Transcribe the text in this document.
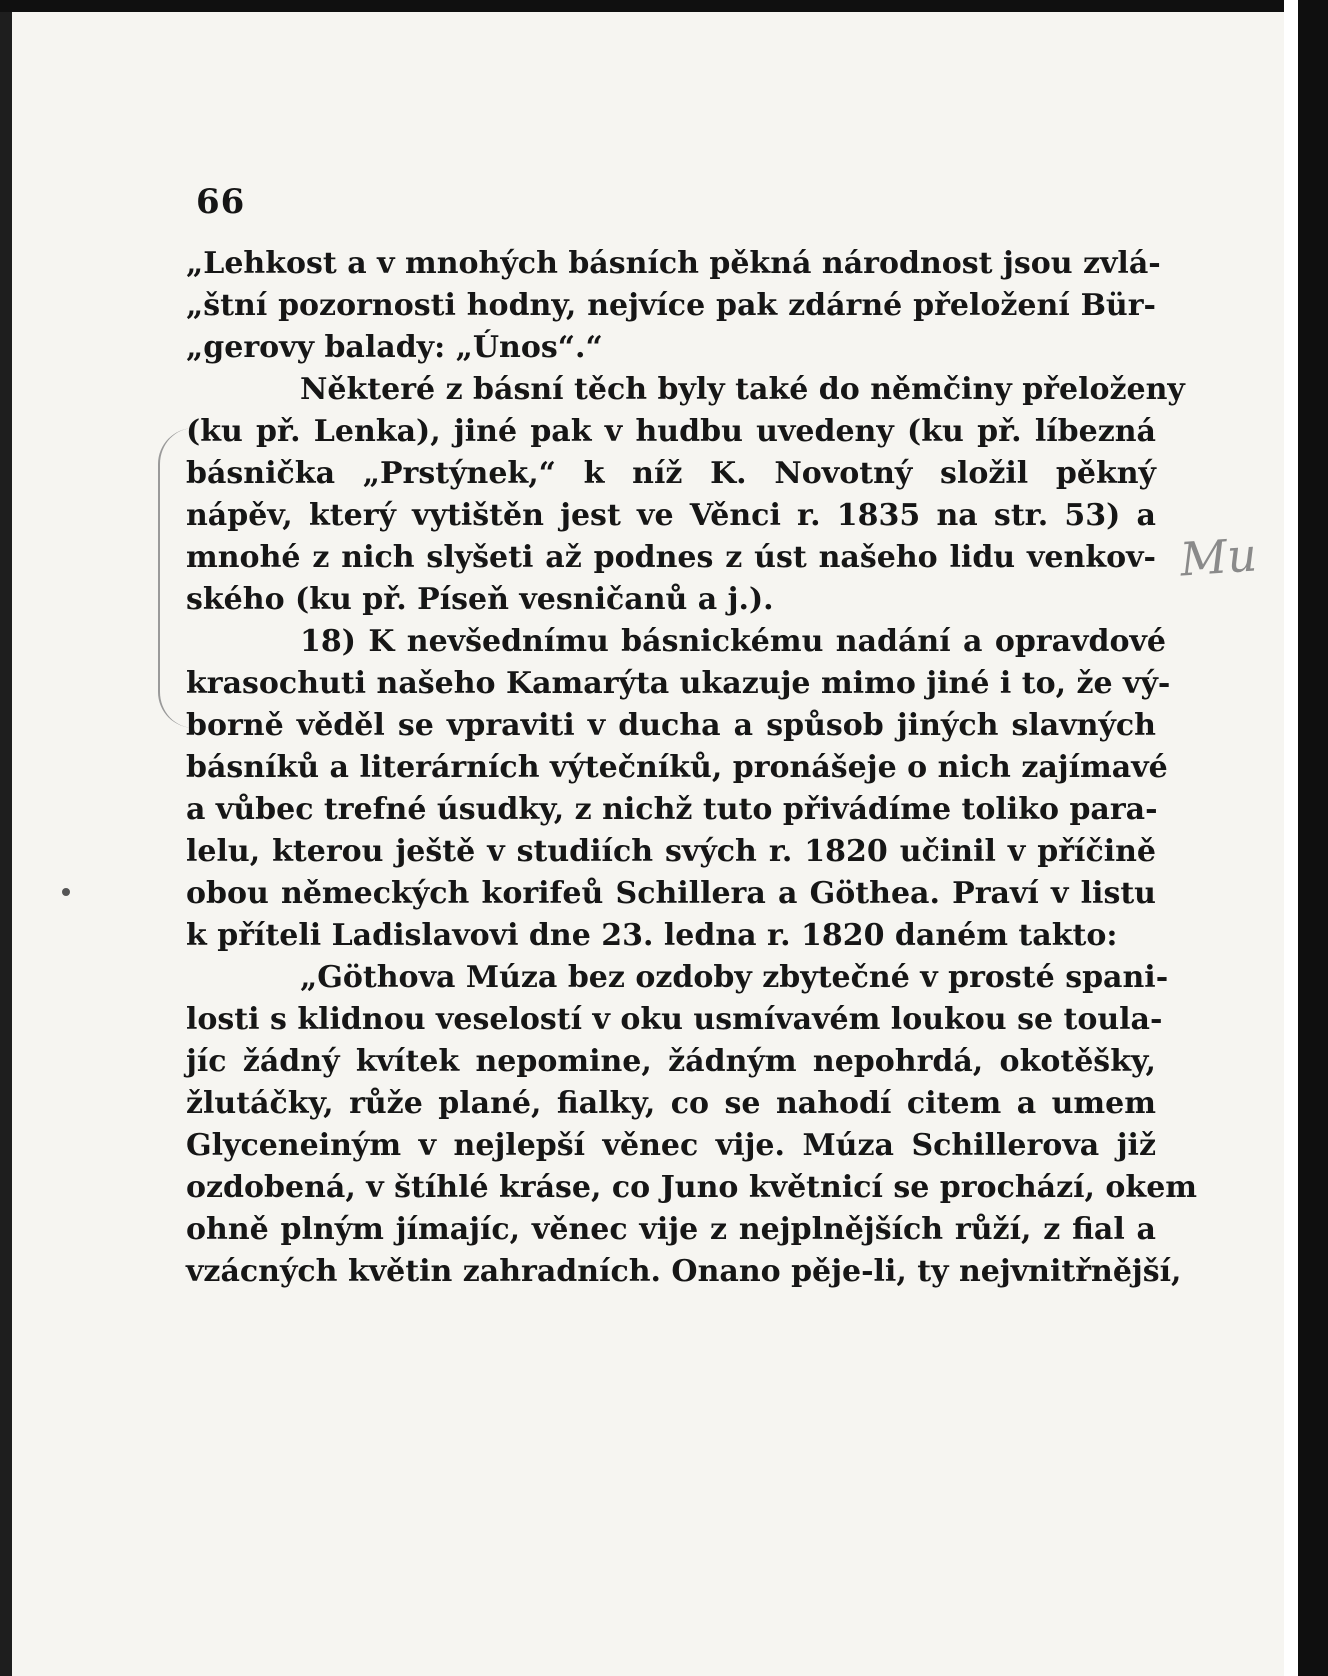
Mu
66
„Lehkost a v mnohých básních pěkná národnost jsou zvlá-
„štní pozornosti hodny, nejvíce pak zdárné přeložení Bür-
„gerovy balady: „Únos“.“
Některé z básní těch byly také do němčiny přeloženy
(ku př. Lenka), jiné pak v hudbu uvedeny (ku př. líbezná
básnička „Prstýnek,“ k níž K. Novotný složil pěkný
nápěv, který vytištěn jest ve Věnci r. 1835 na str. 53) a
mnohé z nich slyšeti až podnes z úst našeho lidu venkov-
ského (ku př. Píseň vesničanů a j.).
18) K nevšednímu básnickému nadání a opravdové
krasochuti našeho Kamarýta ukazuje mimo jiné i to, že vý-
borně věděl se vpraviti v ducha a spůsob jiných slavných
básníků a literárních výtečníků, pronášeje o nich zajímavé
a vůbec trefné úsudky, z nichž tuto přivádíme toliko para-
lelu, kterou ještě v studiích svých r. 1820 učinil v příčině
obou německých korifeů Schillera a Göthea. Praví v listu
k příteli Ladislavovi dne 23. ledna r. 1820 daném takto:
„Göthova Múza bez ozdoby zbytečné v prosté spani-
losti s klidnou veselostí v oku usmívavém loukou se toula-
jíc žádný kvítek nepomine, žádným nepohrdá, okotěšky,
žlutáčky, růže plané, fialky, co se nahodí citem a umem
Glyceneiným v nejlepší věnec vije. Múza Schillerova již
ozdobená, v štíhlé kráse, co Juno květnicí se prochází, okem
ohně plným jímajíc, věnec vije z nejplnějších růží, z fial a
vzácných květin zahradních. Onano pěje-li, ty nejvnitřnější,
